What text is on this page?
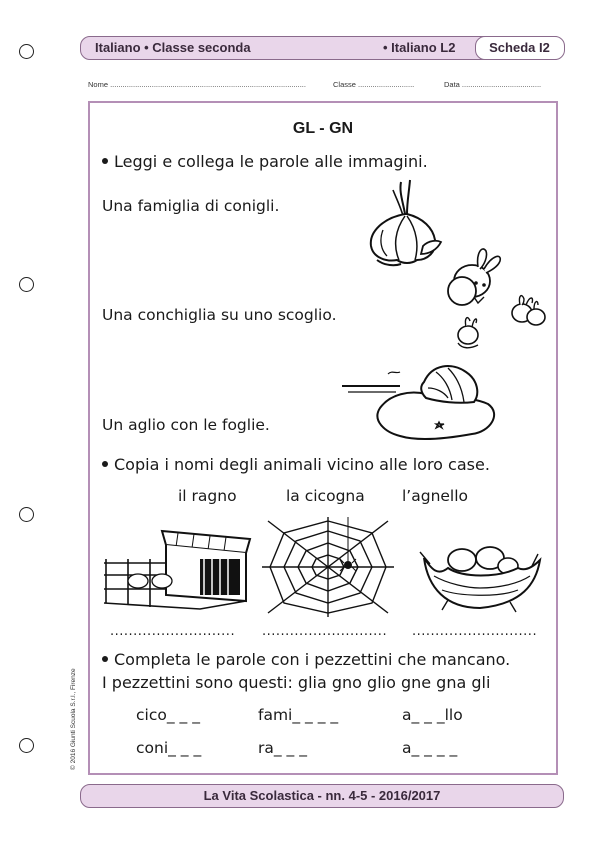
Italiano • Classe seconda	• Italiano L2	Scheda I2
Nome ..............................................................................................	Classe ...........................	Data ......................................
GL - GN
Leggi e collega le parole alle immagini.
Una famiglia di conigli.
Una conchiglia su uno scoglio.
Un aglio con le foglie.
Copia i nomi degli animali vicino alle loro case.
il ragno	la cicogna l’agnello
........................... ........................... ...........................
Completa le parole con i pezzettini che mancano.
I pezzettini sono questi: glia gno glio gne gna gli
cico_ _ _	fami_ _ _ _	a_ _ _llo
coni_ _ _	ra_ _ _	a_ _ _ _
© 2016 Giunti Scuola S.r.l., Firenze
La Vita Scolastica - nn. 4-5 - 2016/2017
